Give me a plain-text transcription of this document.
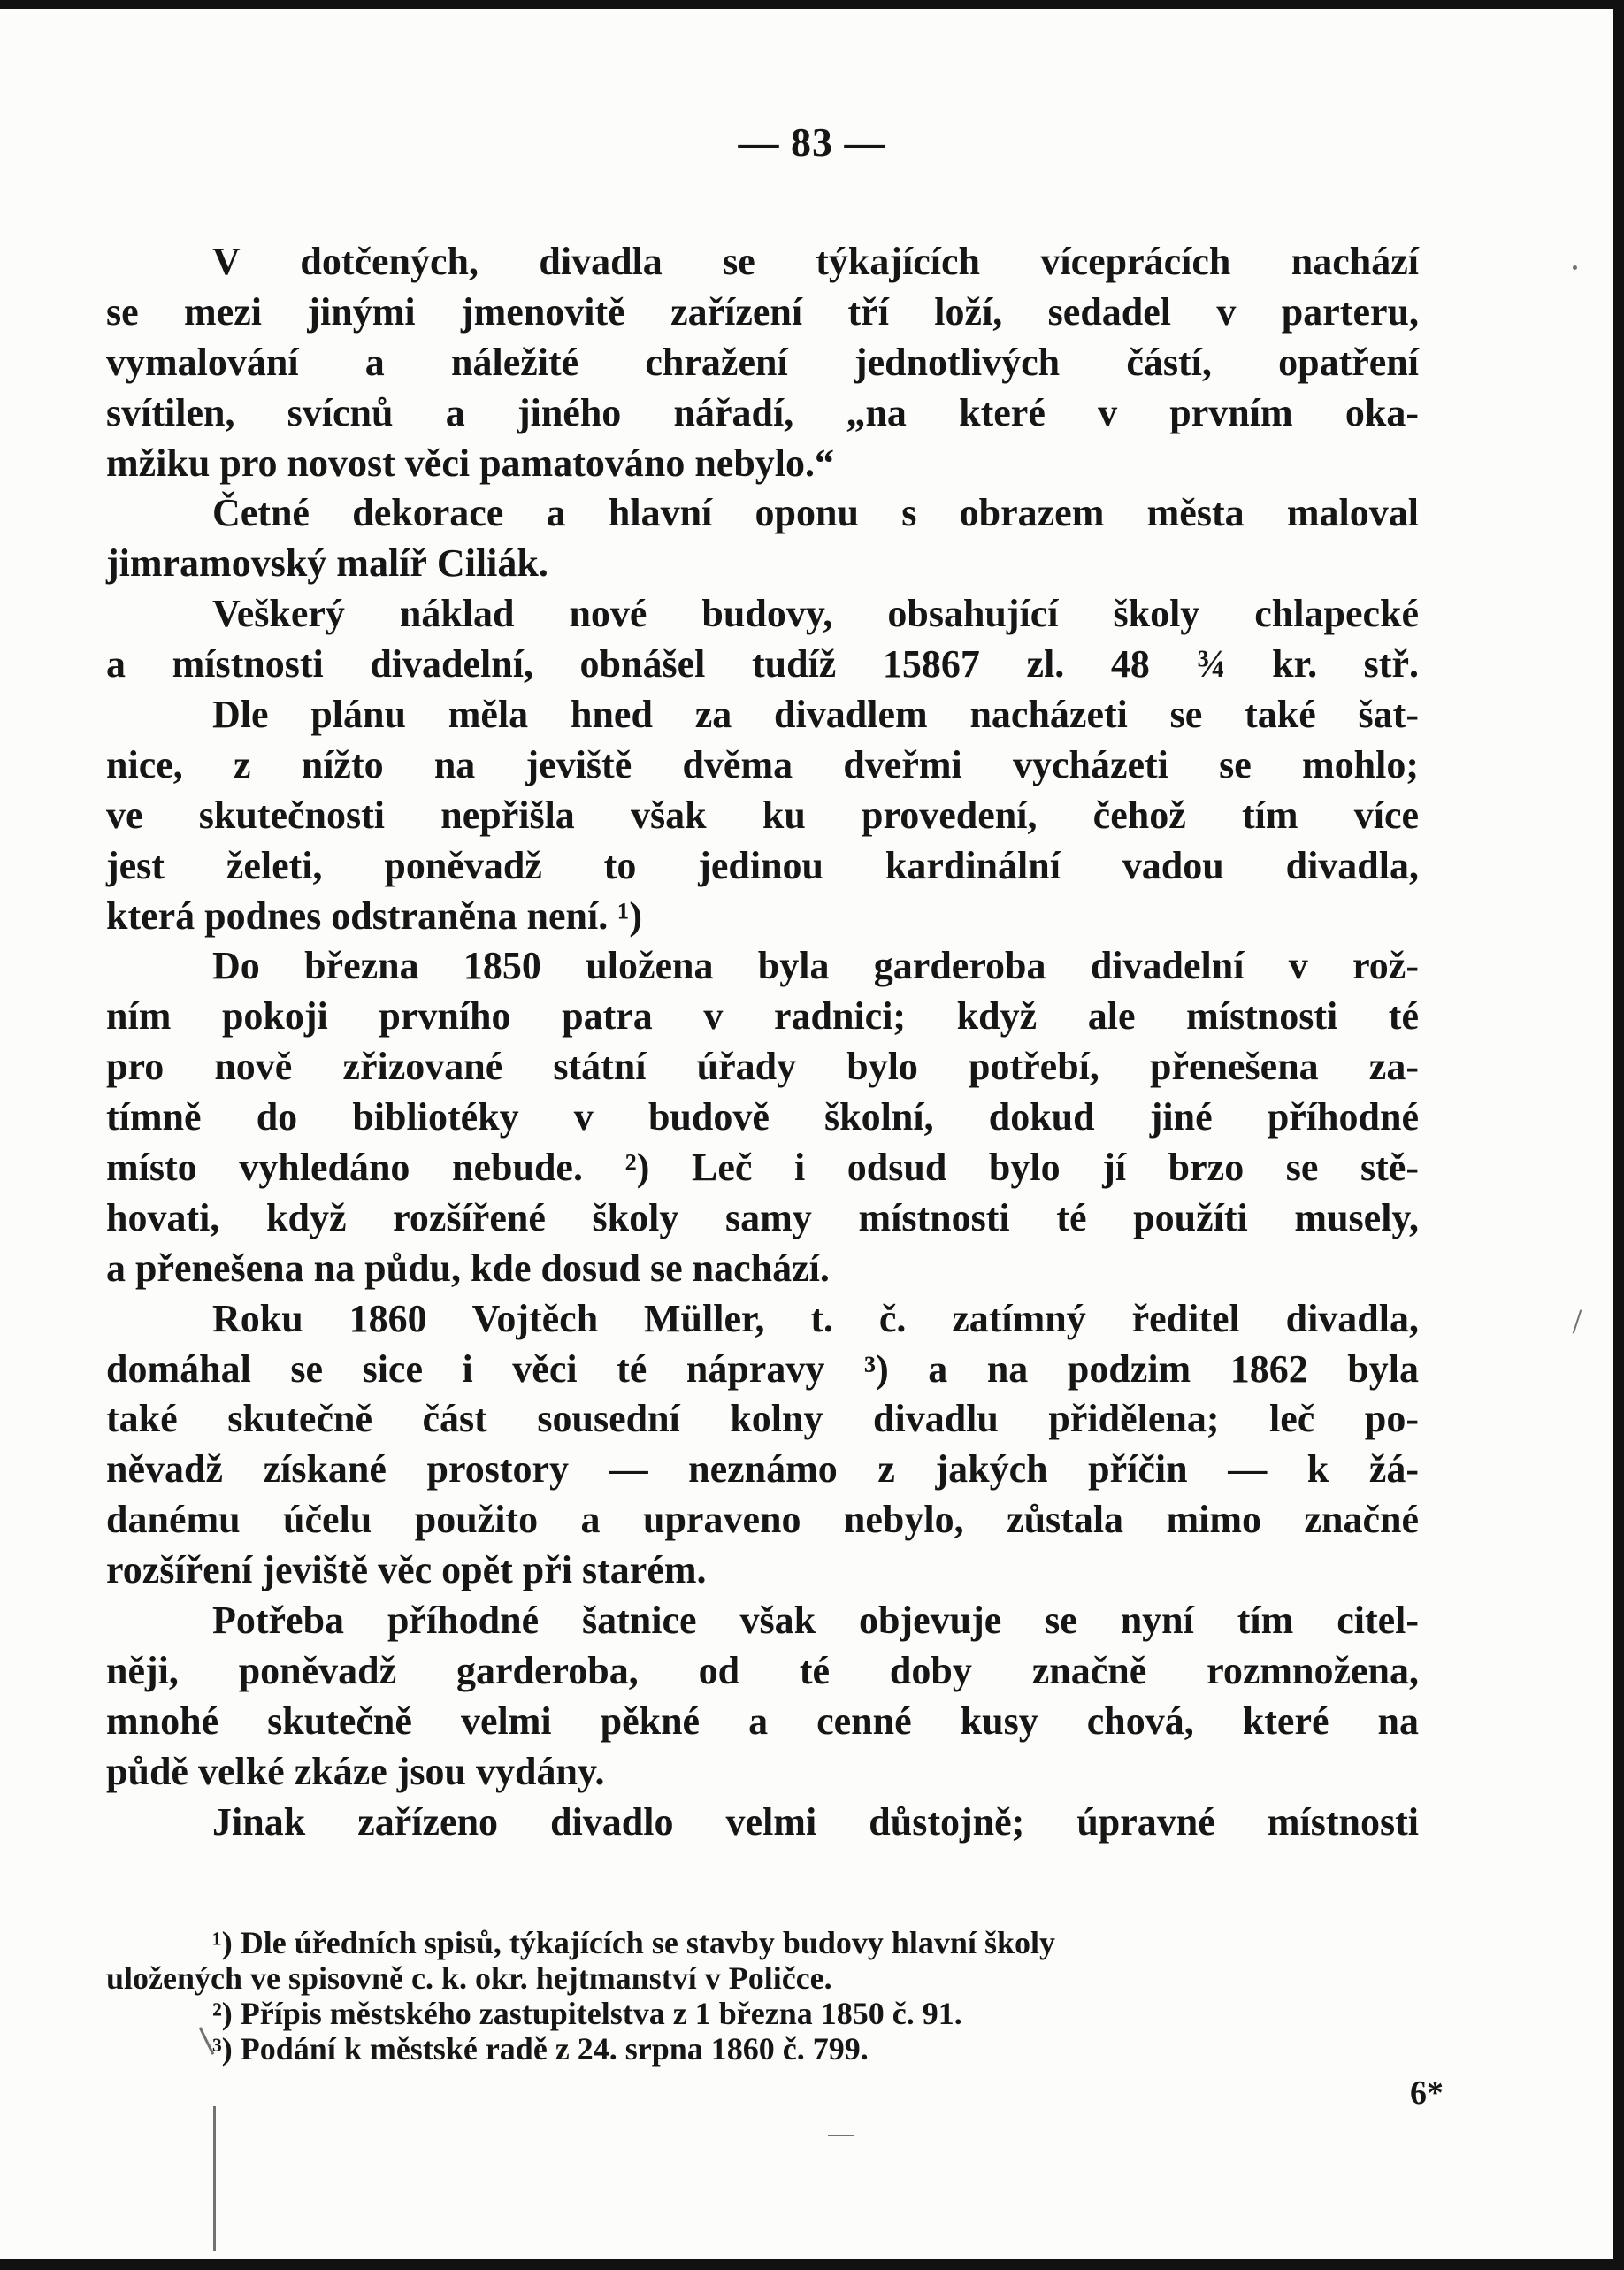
— 83 —
V dotčených, divadla se týkajících víceprácích nachází
se mezi jinými jmenovitě zařízení tří loží, sedadel v parteru,
vymalování a náležité chražení jednotlivých částí, opatření
svítilen, svícnů a jiného nářadí, „na které v prvním oka-
mžiku pro novost věci pamatováno nebylo.“
Četné dekorace a hlavní oponu s obrazem města maloval
jimramovský malíř Ciliák.
Veškerý náklad nové budovy, obsahující školy chlapecké
a místnosti divadelní, obnášel tudíž 15867 zl. 48 ¾ kr. stř.
Dle plánu měla hned za divadlem nacházeti se také šat-
nice, z nížto na jeviště dvěma dveřmi vycházeti se mohlo;
ve skutečnosti nepřišla však ku provedení, čehož tím více
jest želeti, poněvadž to jedinou kardinální vadou divadla,
která podnes odstraněna není. ¹)
Do března 1850 uložena byla garderoba divadelní v rož-
ním pokoji prvního patra v radnici; když ale místnosti té
pro nově zřizované státní úřady bylo potřebí, přenešena za-
tímně do bibliotéky v budově školní, dokud jiné příhodné
místo vyhledáno nebude. ²) Leč i odsud bylo jí brzo se stě-
hovati, když rozšířené školy samy místnosti té použíti musely,
a přenešena na půdu, kde dosud se nachází.
Roku 1860 Vojtěch Müller, t. č. zatímný ředitel divadla,
domáhal se sice i věci té nápravy ³) a na podzim 1862 byla
také skutečně část sousední kolny divadlu přidělena; leč po-
něvadž získané prostory — neznámo z jakých příčin — k žá-
danému účelu použito a upraveno nebylo, zůstala mimo značné
rozšíření jeviště věc opět při starém.
Potřeba příhodné šatnice však objevuje se nyní tím citel-
něji, poněvadž garderoba, od té doby značně rozmnožena,
mnohé skutečně velmi pěkné a cenné kusy chová, které na
půdě velké zkáze jsou vydány.
Jinak zařízeno divadlo velmi důstojně; úpravné místnosti
¹) Dle úředních spisů, týkajících se stavby budovy hlavní školy
uložených ve spisovně c. k. okr. hejtmanství v Poličce.
²) Přípis městského zastupitelstva z 1 března 1850 č. 91.
³) Podání k městské radě z 24. srpna 1860 č. 799.
6*
